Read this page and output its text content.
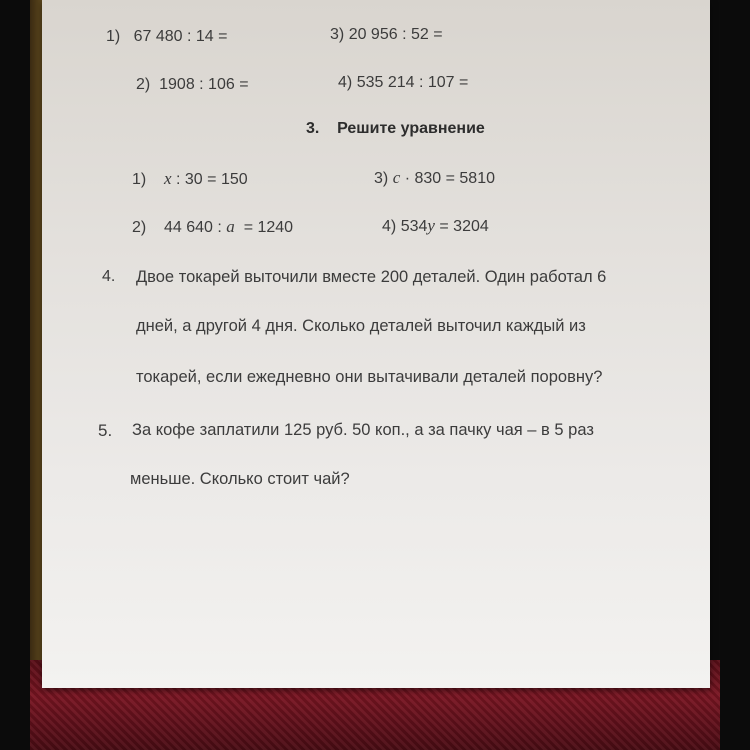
1) 67 480 : 14 =	3) 20 956 : 52 =
2) 1908 : 106 =	4) 535 214 : 107 =
3. Решите уравнение
1) x : 30 = 150	3) c · 830 = 5810
2) 44 640 : a = 1240	4) 534y = 3204
4. Двое токарей выточили вместе 200 деталей. Один работал 6
дней, а другой 4 дня. Сколько деталей выточил каждый из
токарей, если ежедневно они вытачивали деталей поровну?
5. За кофе заплатили 125 руб. 50 коп., а за пачку чая – в 5 раз
меньше. Сколько стоит чай?
